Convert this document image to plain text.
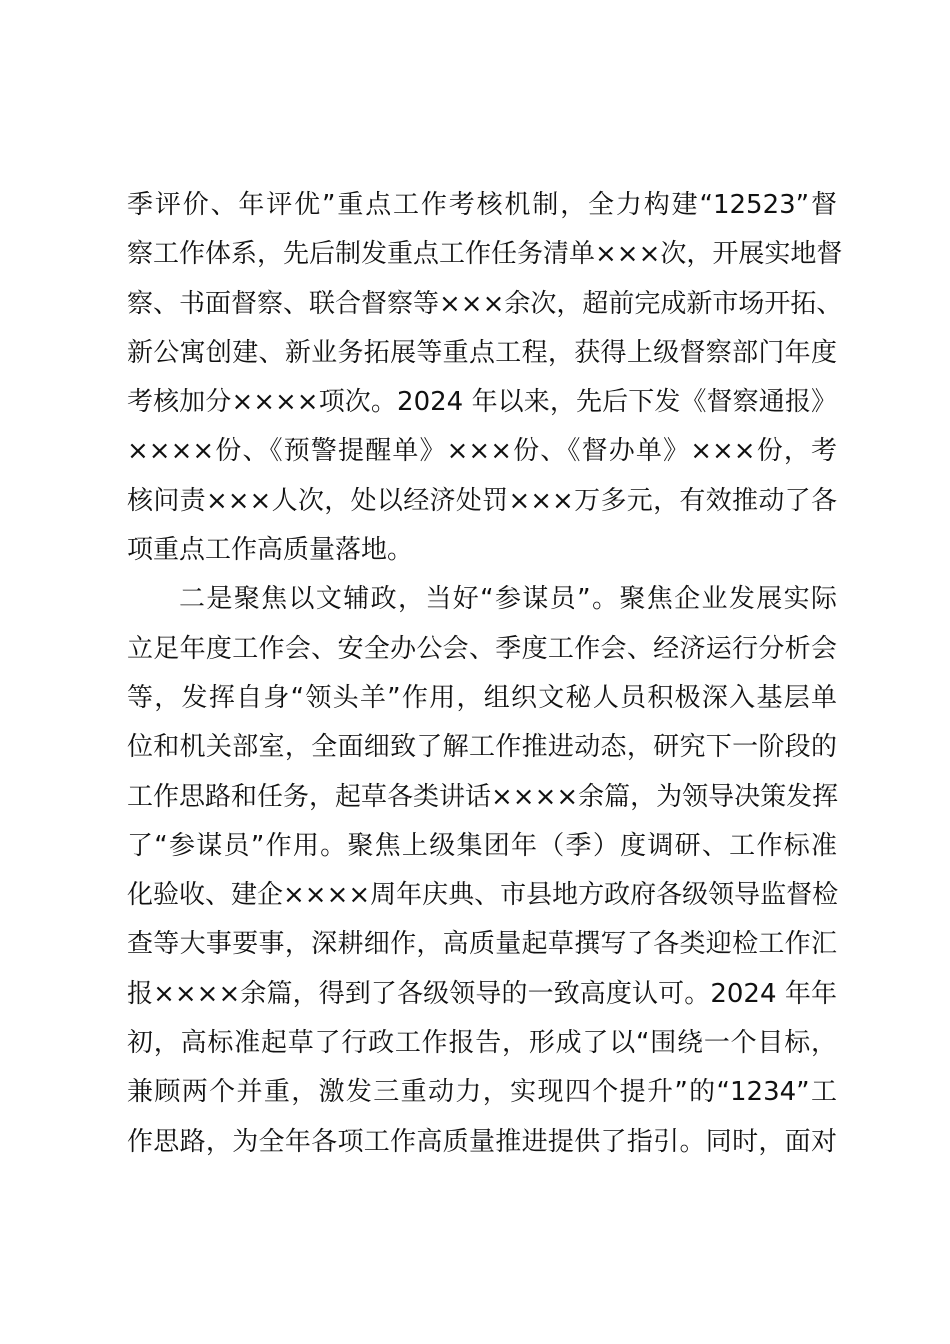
季评价、年评优”重点工作考核机制，全力构建“12523”督
察工作体系，先后制发重点工作任务清单×××次，开展实地督
察、书面督察、联合督察等×××余次，超前完成新市场开拓、
新公寓创建、新业务拓展等重点工程，获得上级督察部门年度
考核加分××××项次。2024 年以来，先后下发《督察通报》
××××份、《预警提醒单》×××份、《督办单》×××份，考
核问责×××人次，处以经济处罚×××万多元，有效推动了各
项重点工作高质量落地。
二是聚焦以文辅政，当好“参谋员”。聚焦企业发展实际
立足年度工作会、安全办公会、季度工作会、经济运行分析会
等，发挥自身“领头羊”作用，组织文秘人员积极深入基层单
位和机关部室，全面细致了解工作推进动态，研究下一阶段的
工作思路和任务，起草各类讲话××××余篇，为领导决策发挥
了“参谋员”作用。聚焦上级集团年（季）度调研、工作标准
化验收、建企××××周年庆典、市县地方政府各级领导监督检
查等大事要事，深耕细作，高质量起草撰写了各类迎检工作汇
报××××余篇，得到了各级领导的一致高度认可。2024 年年
初，高标准起草了行政工作报告，形成了以“围绕一个目标，
兼顾两个并重，激发三重动力，实现四个提升”的“1234”工
作思路，为全年各项工作高质量推进提供了指引。同时，面对
